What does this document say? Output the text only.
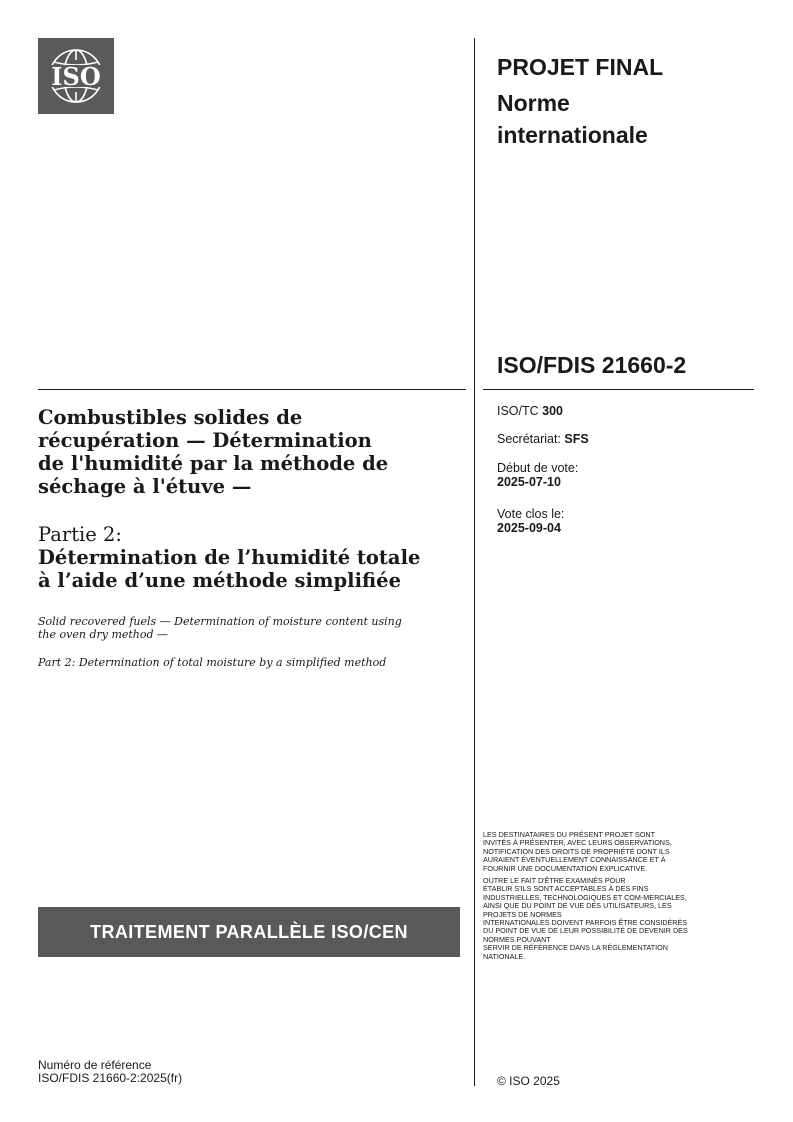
ISO	PROJET FINAL
Norme
internationale
ISO/FDIS 21660-2
ISO/TC 300
Secrétariat: SFS
Début de vote:
2025-07-10
Vote clos le:
2025-09-04
Combustibles solides de
récupération — Détermination
de l'humidité par la méthode de
séchage à l'étuve —
Partie 2:
Détermination de l’humidité totale
à l’aide d’une méthode simplifiée
Solid recovered fuels — Determination of moisture content using
the oven dry method —
Part 2: Determination of total moisture by a simplified method
TRAITEMENT PARALLÈLE ISO/CEN
LES DESTINATAIRES DU PRÉSENT PROJET SONT
INVITÉS À PRÉSENTER, AVEC LEURS OBSERVATIONS,
NOTIFICATION DES DROITS DE PROPRIÉTÉ DONT ILS
AURAIENT ÉVENTUELLEMENT CONNAISSANCE ET À
FOURNIR UNE DOCUMENTATION EXPLICATIVE.
OUTRE LE FAIT D'ÊTRE EXAMINÉS POUR
ÉTABLIR S'ILS SONT ACCEPTABLES À DES FINS
INDUSTRIELLES, TECHNOLOGIQUES ET COM-MERCIALES,
AINSI QUE DU POINT DE VUE DES UTILISATEURS, LES
PROJETS DE NORMES
INTERNATIONALES DOIVENT PARFOIS ÊTRE CONSIDÉRÉS
DU POINT DE VUE DE LEUR POSSIBILITÉ DE DEVENIR DES
NORMES POUVANT
SERVIR DE RÉFÉRENCE DANS LA RÉGLEMENTATION
NATIONALE.
Numéro de référence
ISO/FDIS 21660-2:2025(fr)	© ISO 2025
